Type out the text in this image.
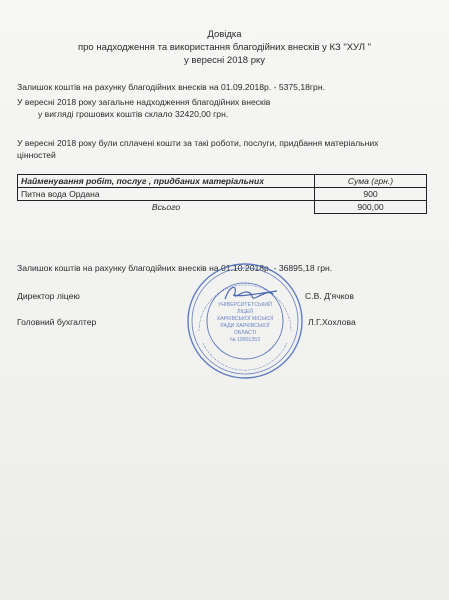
Довідка
про надходження та використання благодійних внесків у КЗ "ХУЛ "
у вересні 2018 рку
Залишок коштів на рахунку благодійних внесків на 01.09.2018р. - 5375,18грн.
У вересні 2018 року загальне надходження благодійних внесків
у вигляді грошових коштів склало 32420,00 грн.
У вересні 2018 року були сплачені кошти за такі роботи, послуги, придбання матеріальних
цінностей
Найменування робіт, послуг , придбаних матеріальних	Сума (грн.)
Питна вода Ордана	900
Всього	900,00
Залишок коштів на рахунку благодійних внесків на 01.10.2018р. - 36895,18 грн.
Директор ліцею	С.В. Д'ячков
Головний бухгалтер	Л.Г.Хохлова
УНІВЕРСИТЕТСЬКИЙ
ЛІЦЕЙ
ХАРКІВСЬКОЇ МІСЬКОЇ
РАДИ ХАРКІВСЬКОЇ
ОБЛАСТІ
№ 19901353
